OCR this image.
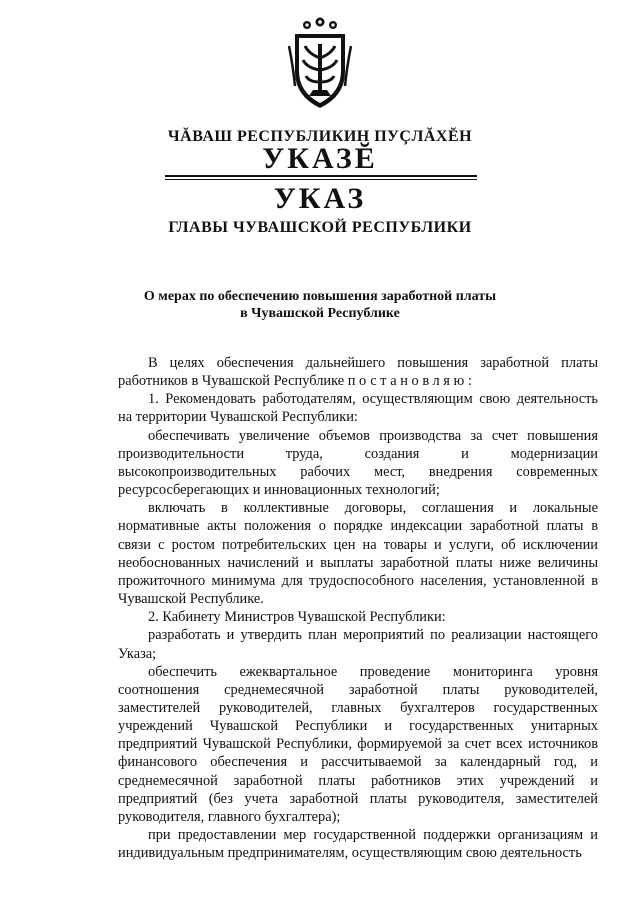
ЧĂВАШ РЕСПУБЛИКИН ПУÇЛĂХĔН
УКАЗĔ
УКАЗ
ГЛАВЫ ЧУВАШСКОЙ РЕСПУБЛИКИ
О мерах по обеспечению повышения заработной платы
в Чувашской Республике

В целях обеспечения дальнейшего повышения заработной платы работников в Чувашской Республике постановляю:

1. Рекомендовать работодателям, осуществляющим свою деятельность на территории Чувашской Республики:

обеспечивать увеличение объемов производства за счет повышения производительности труда, создания и модернизации высокопроизводительных рабочих мест, внедрения современных ресурсосберегающих и инновационных технологий;

включать в коллективные договоры, соглашения и локальные нормативные акты положения о порядке индексации заработной платы в связи с ростом потребительских цен на товары и услуги, об исключении необоснованных начислений и выплаты заработной платы ниже величины прожиточного минимума для трудоспособного населения, установленной в Чувашской Республике.

2. Кабинету Министров Чувашской Республики:

разработать и утвердить план мероприятий по реализации настоящего Указа;

обеспечить ежеквартальное проведение мониторинга уровня соотношения среднемесячной заработной платы руководителей, заместителей руководителей, главных бухгалтеров государственных учреждений Чувашской Республики и государственных унитарных предприятий Чувашской Республики, формируемой за счет всех источников финансового обеспечения и рассчитываемой за календарный год, и среднемесячной заработной платы работников этих учреждений и предприятий (без учета заработной платы руководителя, заместителей руководителя, главного бухгалтера);

при предоставлении мер государственной поддержки организациям и индивидуальным предпринимателям, осуществляющим свою деятельность
